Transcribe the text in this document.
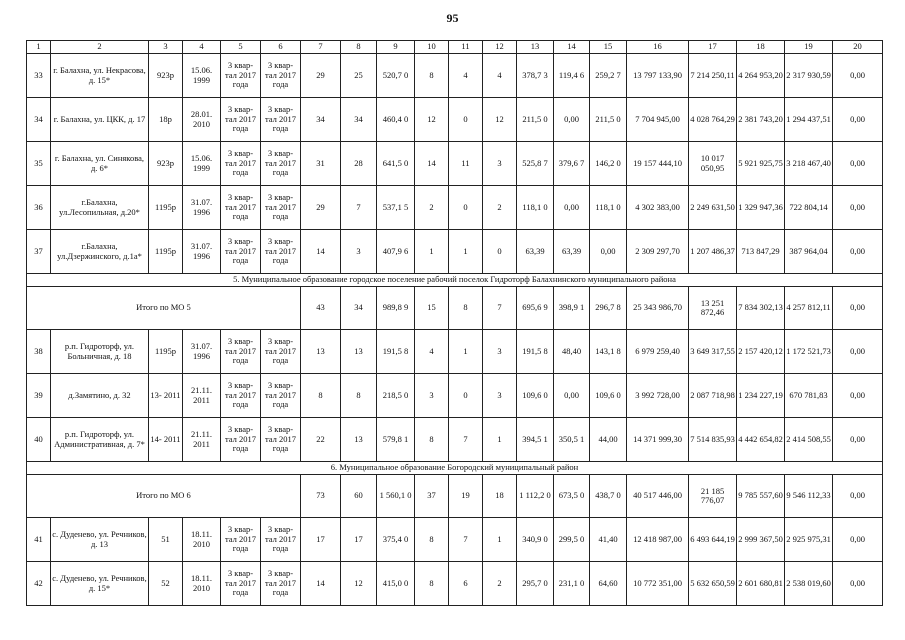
95
1	2	3	4	5	6	7	8	9	10	11	12	13	14	15	16	17	18	19	20
33	г. Балахна, ул. Некрасова, д. 15*	923р	15.06. 1999	3 квар- тал 2017 года	3 квар- тал 2017 года	29	25	520,7 0	8	4	4	378,7 3	119,4 6	259,2 7	13 797 133,90	7 214 250,11	4 264 953,20	2 317 930,59	0,00
34	г. Балахна, ул. ЦКК, д. 17	18р	28.01. 2010	3 квар- тал 2017 года	3 квар- тал 2017 года	34	34	460,4 0	12	0	12	211,5 0	0,00	211,5 0	7 704 945,00	4 028 764,29	2 381 743,20	1 294 437,51	0,00
35	г. Балахна, ул. Синякова, д. 6*	923р	15.06. 1999	3 квар- тал 2017 года	3 квар- тал 2017 года	31	28	641,5 0	14	11	3	525,8 7	379,6 7	146,2 0	19 157 444,10	10 017 050,95	5 921 925,75	3 218 467,40	0,00
36	г.Балахна, ул.Лесопильная, д.20*	1195р	31.07. 1996	3 квар- тал 2017 года	3 квар- тал 2017 года	29	7	537,1 5	2	0	2	118,1 0	0,00	118,1 0	4 302 383,00	2 249 631,50	1 329 947,36	722 804,14	0,00
37	г.Балахна, ул.Дзержинского, д.1а*	1195р	31.07. 1996	3 квар- тал 2017 года	3 квар- тал 2017 года	14	3	407,9 6	1	1	0	63,39	63,39	0,00	2 309 297,70	1 207 486,37	713 847,29	387 964,04	0,00
5. Муниципальное образование городское поселение рабочий поселок Гидроторф Балахнинского муниципального района																			
Итого по МО 5						43	34	989,8 9	15	8	7	695,6 9	398,9 1	296,7 8	25 343 986,70	13 251 872,46	7 834 302,13	4 257 812,11	0,00
38	р.п. Гидроторф, ул. Больничная, д. 18	1195р	31.07. 1996	3 квар- тал 2017 года	3 квар- тал 2017 года	13	13	191,5 8	4	1	3	191,5 8	48,40	143,1 8	6 979 259,40	3 649 317,55	2 157 420,12	1 172 521,73	0,00
39	д.Замятино, д. 32	13- 2011	21.11. 2011	3 квар- тал 2017 года	3 квар- тал 2017 года	8	8	218,5 0	3	0	3	109,6 0	0,00	109,6 0	3 992 728,00	2 087 718,98	1 234 227,19	670 781,83	0,00
40	р.п. Гидроторф, ул. Административная, д. 7*	14- 2011	21.11. 2011	3 квар- тал 2017 года	3 квар- тал 2017 года	22	13	579,8 1	8	7	1	394,5 1	350,5 1	44,00	14 371 999,30	7 514 835,93	4 442 654,82	2 414 508,55	0,00
6. Муниципальное образование Богородский муниципальный район																			
Итого по МО 6						73	60	1 560,1 0	37	19	18	1 112,2 0	673,5 0	438,7 0	40 517 446,00	21 185 776,07	9 785 557,60	9 546 112,33	0,00
41	с. Дуденево, ул. Речников, д. 13	51	18.11. 2010	3 квар- тал 2017 года	3 квар- тал 2017 года	17	17	375,4 0	8	7	1	340,9 0	299,5 0	41,40	12 418 987,00	6 493 644,19	2 999 367,50	2 925 975,31	0,00
42	с. Дуденево, ул. Речников, д. 15*	52	18.11. 2010	3 квар- тал 2017 года	3 квар- тал 2017 года	14	12	415,0 0	8	6	2	295,7 0	231,1 0	64,60	10 772 351,00	5 632 650,59	2 601 680,81	2 538 019,60	0,00
